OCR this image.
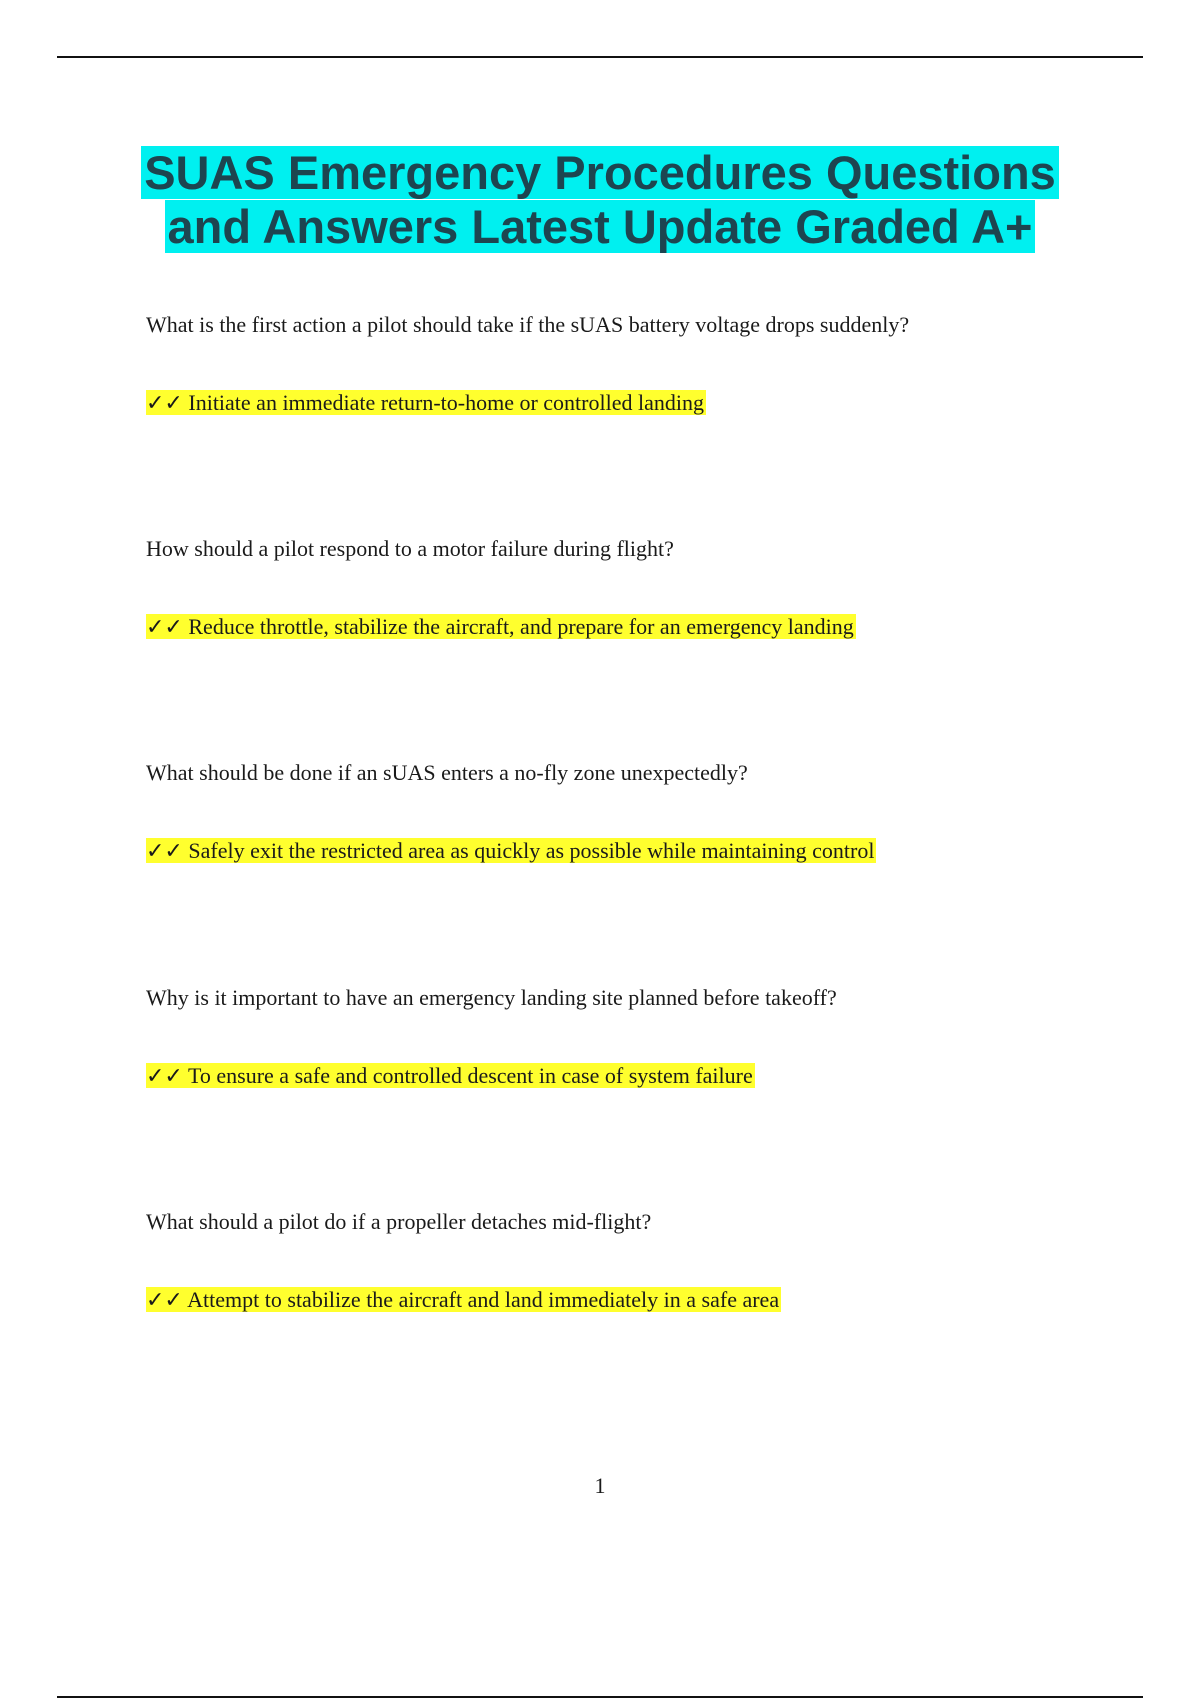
SUAS Emergency Procedures Questions
and Answers Latest Update Graded A+

What is the first action a pilot should take if the sUAS battery voltage drops suddenly?

✓✓ Initiate an immediate return-to-home or controlled landing

How should a pilot respond to a motor failure during flight?

✓✓ Reduce throttle, stabilize the aircraft, and prepare for an emergency landing

What should be done if an sUAS enters a no-fly zone unexpectedly?

✓✓ Safely exit the restricted area as quickly as possible while maintaining control

Why is it important to have an emergency landing site planned before takeoff?

✓✓ To ensure a safe and controlled descent in case of system failure

What should a pilot do if a propeller detaches mid-flight?

✓✓ Attempt to stabilize the aircraft and land immediately in a safe area

1
